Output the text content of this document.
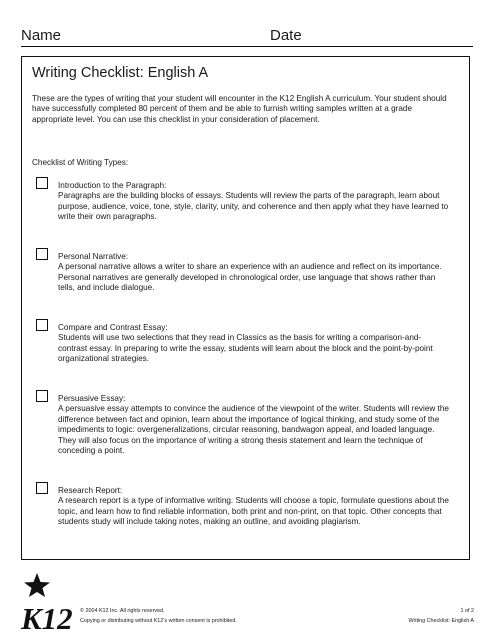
Name	Date
Writing Checklist: English A
These are the types of writing that your student will encounter in the K12 English A curriculum. Your student should have successfully completed 80 percent of them and be able to furnish writing samples written at a grade appropriate level. You can use this checklist in your consideration of placement.
Checklist of Writing Types:
Introduction to the Paragraph:
Paragraphs are the building blocks of essays. Students will review the parts of the paragraph, learn about purpose, audience, voice, tone, style, clarity, unity, and coherence and then apply what they have learned to write their own paragraphs.
Personal Narrative:
A personal narrative allows a writer to share an experience with an audience and reflect on its importance. Personal narratives are generally developed in chronological order, use language that shows rather than tells, and include dialogue.
Compare and Contrast Essay:
Students will use two selections that they read in Classics as the basis for writing a comparison-and-contrast essay. In preparing to write the essay, students will learn about the block and the point-by-point organizational strategies.
Persuasive Essay:
A persuasive essay attempts to convince the audience of the viewpoint of the writer. Students will review the difference between fact and opinion, learn about the importance of logical thinking, and study some of the impediments to logic: overgeneralizations, circular reasoning, bandwagon appeal, and loaded language. They will also focus on the importance of writing a strong thesis statement and learn the technique of conceding a point.
Research Report:
A research report is a type of informative writing. Students will choose a topic, formulate questions about the topic, and learn how to find reliable information, both print and non-print, on that topic. Other concepts that students study will include taking notes, making an outline, and avoiding plagiarism.
K12 © 2004 K12 Inc. All rights reserved.
Copying or distributing without K12’s written consent is prohibited.
1 of 2
Writing Checklist: English A
